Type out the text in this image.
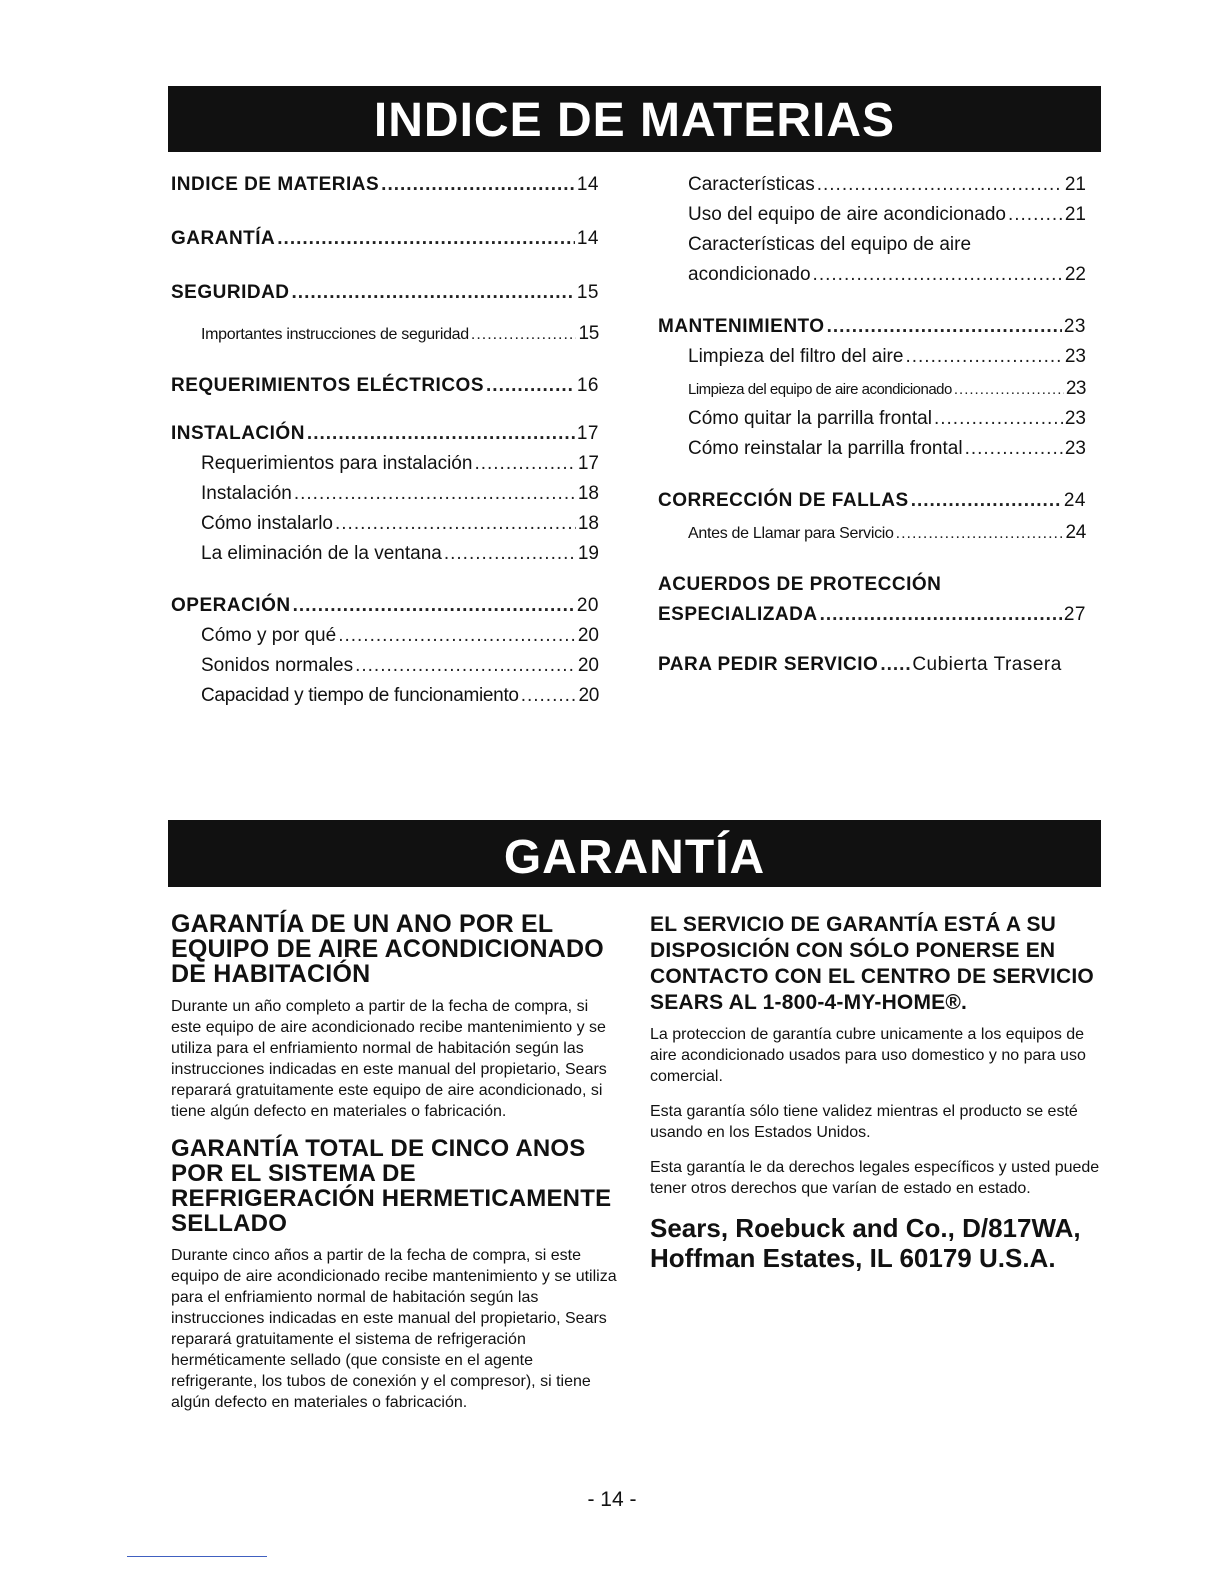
INDICE DE MATERIAS
INDICE DE MATERIAS .....	14
GARANTÍA .....	14
SEGURIDAD .....	15
Importantes instrucciones de seguridad .....	15
REQUERIMIENTOS ELÉCTRICOS .....	16
INSTALACIÓN .....	17
Requerimientos para instalación .....	17
Instalación .....	18
Cómo instalarlo .....	18
La eliminación de la ventana .....	19
OPERACIÓN .....	20
Cómo y por qué .....	20
Sonidos normales .....	20
Capacidad y tiempo de funcionamiento .....	20
Características .....	21
Uso del equipo de aire acondicionado .....	21
Características del equipo de aire
acondicionado .....	22
MANTENIMIENTO .....	23
Limpieza del filtro del aire .....	23
Limpieza del equipo de aire acondicionado .....	23
Cómo quitar la parrilla frontal .....	23
Cómo reinstalar la parrilla frontal .....	23
CORRECCIÓN DE FALLAS .....	24
Antes de Llamar para Servicio .....	24
ACUERDOS DE PROTECCIÓN
ESPECIALIZADA .....	27
PARA PEDIR SERVICIO ..... Cubierta Trasera
GARANTÍA
GARANTÍA DE UN ANO POR EL EQUIPO DE AIRE ACONDICIONADO DE HABITACIÓN

Durante un año completo a partir de la fecha de compra, si este equipo de aire acondicionado recibe mantenimiento y se utiliza para el enfriamiento normal de habitación según las instrucciones indicadas en este manual del propietario, Sears reparará gratuitamente este equipo de aire acondicionado, si tiene algún defecto en materiales o fabricación.

GARANTÍA TOTAL DE CINCO ANOS POR EL SISTEMA DE REFRIGERACIÓN HERMETICAMENTE SELLADO

Durante cinco años a partir de la fecha de compra, si este equipo de aire acondicionado recibe mantenimiento y se utiliza para el enfriamiento normal de habitación según las instrucciones indicadas en este manual del propietario, Sears reparará gratuitamente el sistema de refrigeración herméticamente sellado (que consiste en el agente refrigerante, los tubos de conexión y el compresor), si tiene algún defecto en materiales o fabricación.

EL SERVICIO DE GARANTÍA ESTÁ A SU DISPOSICIÓN CON SÓLO PONERSE EN CONTACTO CON EL CENTRO DE SERVICIO SEARS AL 1-800-4-MY-HOME®.

La proteccion de garantía cubre unicamente a los equipos de aire acondicionado usados para uso domestico y no para uso comercial.

Esta garantía sólo tiene validez mientras el producto se esté usando en los Estados Unidos.

Esta garantía le da derechos legales específicos y usted puede tener otros derechos que varían de estado en estado.

Sears, Roebuck and Co., D/817WA,
Hoffman Estates, IL 60179 U.S.A.
- 14 -
